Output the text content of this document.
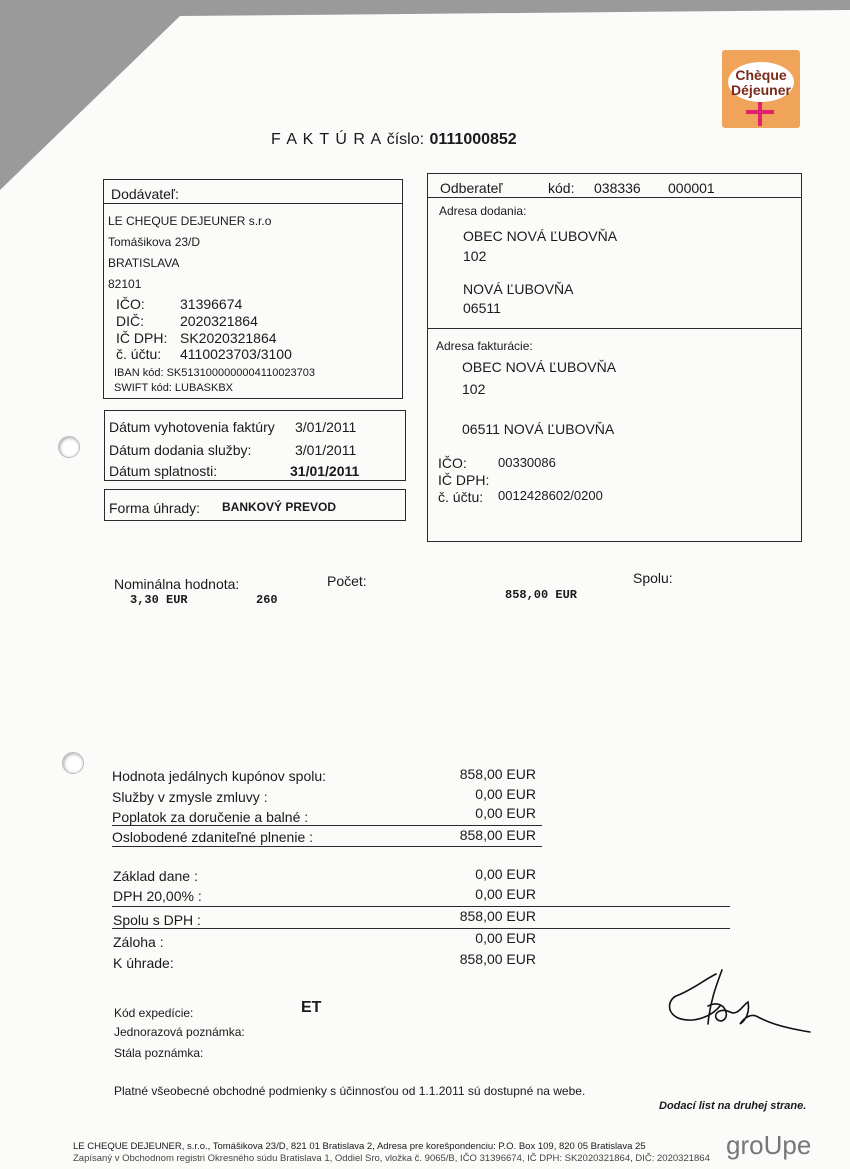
Chèque
Déjeuner
F A K T Ú R A číslo: 0111000852
Dodávateľ:
LE CHEQUE DEJEUNER s.r.o
Tomášikova 23/D
BRATISLAVA
82101
IČO:	31396674
DIČ:	2020321864
IČ DPH: SK2020321864
č. účtu: 4110023703/3100
IBAN kód: SK5131000000004110023703
SWIFT kód: LUBASKBX
Dátum vyhotovenia faktúry 3/01/2011
Dátum dodania služby:	3/01/2011
Dátum splatnosti:	31/01/2011
Forma úhrady: BANKOVÝ PREVOD
Odberateľ	kód: 038336 000001
Adresa dodania:
OBEC NOVÁ ĽUBOVŇA
102
NOVÁ ĽUBOVŇA
06511
Adresa fakturácie:
OBEC NOVÁ ĽUBOVŇA
102
06511 NOVÁ ĽUBOVŇA
IČO: 00330086
IČ DPH:
č. účtu: 0012428602/0200
Nominálna hodnota:	Počet:	Spolu:
3,30 EUR	260	858,00 EUR
Hodnota jedálnych kupónov spolu:	858,00 EUR
Služby v zmysle zmluvy :	0,00 EUR
Poplatok za doručenie a balné :	0,00 EUR
Oslobodené zdaniteľné plnenie :	858,00 EUR
Základ dane :	0,00 EUR
DPH 20,00% :	0,00 EUR
Spolu s DPH :	858,00 EUR
Záloha :	0,00 EUR
K úhrade:	858,00 EUR
Kód expedície:	ET
Jednorazová poznámka:
Stála poznámka:
Platné všeobecné obchodné podmienky s účinnosťou od 1.1.2011 sú dostupné na webe.
Dodací list na druhej strane.
LE CHEQUE DEJEUNER, s.r.o., Tomášikova 23/D, 821 01 Bratislava 2, Adresa pre korešpondenciu: P.O. Box 109, 820 05 Bratislava 25
Zapísaný v Obchodnom registri Okresného súdu Bratislava 1, Oddiel Sro, vložka č. 9065/B, IČO 31396674, IČ DPH: SK2020321864, DIČ: 2020321864 groUpe
